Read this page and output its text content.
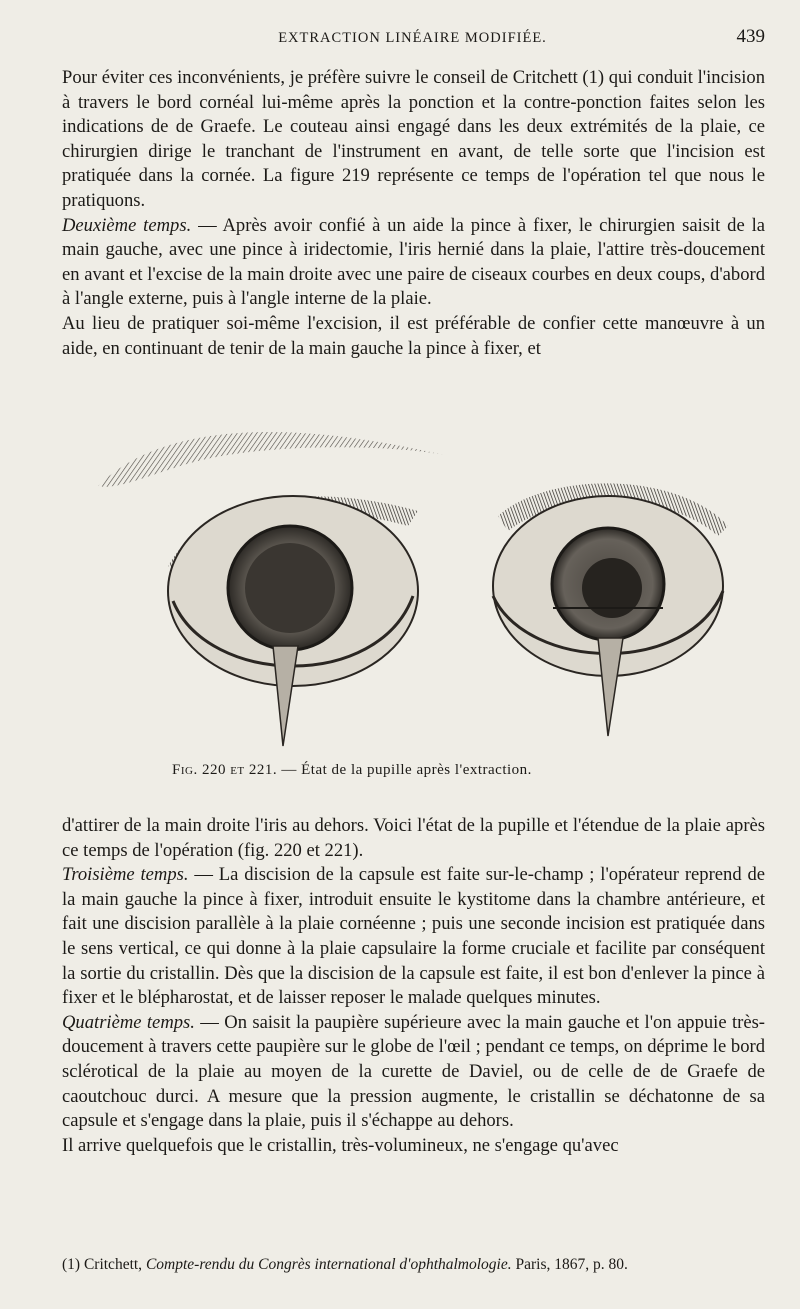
EXTRACTION LINÉAIRE MODIFIÉE.	439

Pour éviter ces inconvénients, je préfère suivre le conseil de Critchett (1) qui conduit l'incision à travers le bord cornéal lui-même après la ponction et la contre-ponction faites selon les indications de de Graefe. Le couteau ainsi engagé dans les deux extrémités de la plaie, ce chirurgien dirige le tranchant de l'instrument en avant, de telle sorte que l'incision est pratiquée dans la cornée. La figure 219 représente ce temps de l'opération tel que nous le pratiquons.

Deuxième temps. — Après avoir confié à un aide la pince à fixer, le chirurgien saisit de la main gauche, avec une pince à iridectomie, l'iris hernié dans la plaie, l'attire très-doucement en avant et l'excise de la main droite avec une paire de ciseaux courbes en deux coups, d'abord à l'angle externe, puis à l'angle interne de la plaie.

Au lieu de pratiquer soi-même l'excision, il est préférable de confier cette manœuvre à un aide, en continuant de tenir de la main gauche la pince à fixer, et

Fig. 220 et 221. — État de la pupille après l'extraction.

d'attirer de la main droite l'iris au dehors. Voici l'état de la pupille et l'étendue de la plaie après ce temps de l'opération (fig. 220 et 221).

Troisième temps. — La discision de la capsule est faite sur-le-champ ; l'opérateur reprend de la main gauche la pince à fixer, introduit ensuite le kystitome dans la chambre antérieure, et fait une discision parallèle à la plaie cornéenne ; puis une seconde incision est pratiquée dans le sens vertical, ce qui donne à la plaie capsulaire la forme cruciale et facilite par conséquent la sortie du cristallin. Dès que la discision de la capsule est faite, il est bon d'enlever la pince à fixer et le blépharostat, et de laisser reposer le malade quelques minutes.

Quatrième temps. — On saisit la paupière supérieure avec la main gauche et l'on appuie très-doucement à travers cette paupière sur le globe de l'œil ; pendant ce temps, on déprime le bord sclérotical de la plaie au moyen de la curette de Daviel, ou de celle de de Graefe de caoutchouc durci. A mesure que la pression augmente, le cristallin se déchatonne de sa capsule et s'engage dans la plaie, puis il s'échappe au dehors.

Il arrive quelquefois que le cristallin, très-volumineux, ne s'engage qu'avec

(1) Critchett, Compte-rendu du Congrès international d'ophthalmologie. Paris, 1867, p. 80.
